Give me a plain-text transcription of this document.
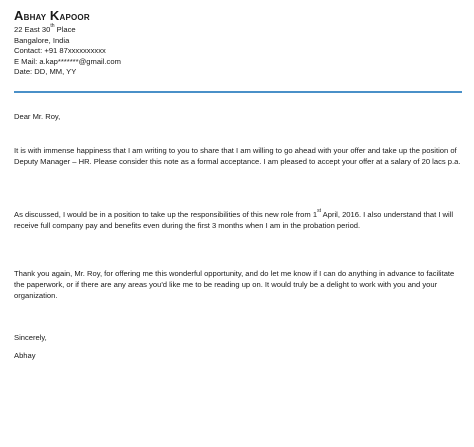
Abhay Kapoor
22 East 30th Place
Bangalore, India
Contact: +91 87xxxxxxxxxx
E Mail: a.kap*******@gmail.com
Date: DD, MM, YY

Dear Mr. Roy,

It is with immense happiness that I am writing to you to share that I am willing to go ahead with your offer and take up the position of Deputy Manager – HR. Please consider this note as a formal acceptance. I am pleased to accept your offer at a salary of 20 lacs p.a.

As discussed, I would be in a position to take up the responsibilities of this new role from 1st April, 2016. I also understand that I will receive full company pay and benefits even during the first 3 months when I am in the probation period.

Thank you again, Mr. Roy, for offering me this wonderful opportunity, and do let me know if I can do anything in advance to facilitate the paperwork, or if there are any areas you'd like me to be reading up on. It would truly be a delight to work with you and your organization.

Sincerely,

Abhay
